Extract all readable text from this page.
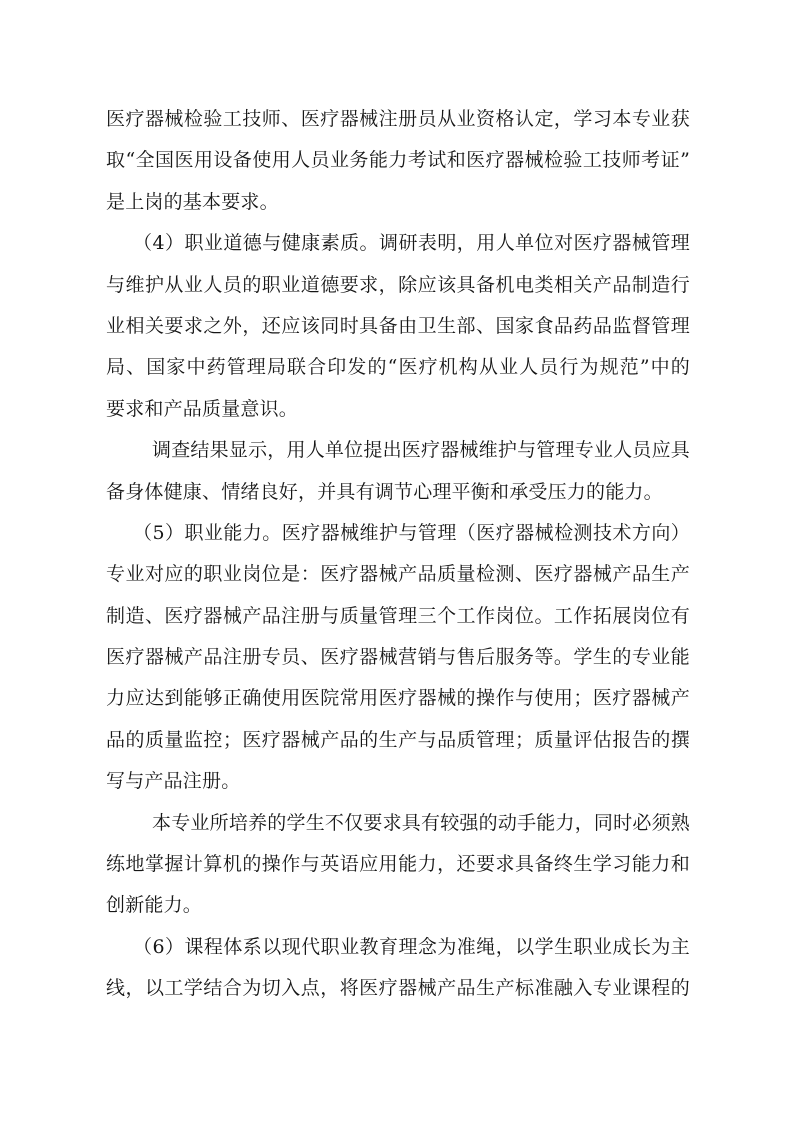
医疗器械检验工技师、医疗器械注册员从业资格认定，学习本专业获
取“全国医用设备使用人员业务能力考试和医疗器械检验工技师考证”
是上岗的基本要求。
（4）职业道德与健康素质。调研表明，用人单位对医疗器械管理
与维护从业人员的职业道德要求，除应该具备机电类相关产品制造行
业相关要求之外，还应该同时具备由卫生部、国家食品药品监督管理
局、国家中药管理局联合印发的“医疗机构从业人员行为规范”中的
要求和产品质量意识。
调查结果显示，用人单位提出医疗器械维护与管理专业人员应具
备身体健康、情绪良好，并具有调节心理平衡和承受压力的能力。
（5）职业能力。医疗器械维护与管理（医疗器械检测技术方向）
专业对应的职业岗位是：医疗器械产品质量检测、医疗器械产品生产
制造、医疗器械产品注册与质量管理三个工作岗位。工作拓展岗位有
医疗器械产品注册专员、医疗器械营销与售后服务等。学生的专业能
力应达到能够正确使用医院常用医疗器械的操作与使用；医疗器械产
品的质量监控；医疗器械产品的生产与品质管理；质量评估报告的撰
写与产品注册。
本专业所培养的学生不仅要求具有较强的动手能力，同时必须熟
练地掌握计算机的操作与英语应用能力，还要求具备终生学习能力和
创新能力。
（6）课程体系以现代职业教育理念为准绳，以学生职业成长为主
线，以工学结合为切入点，将医疗器械产品生产标准融入专业课程的
